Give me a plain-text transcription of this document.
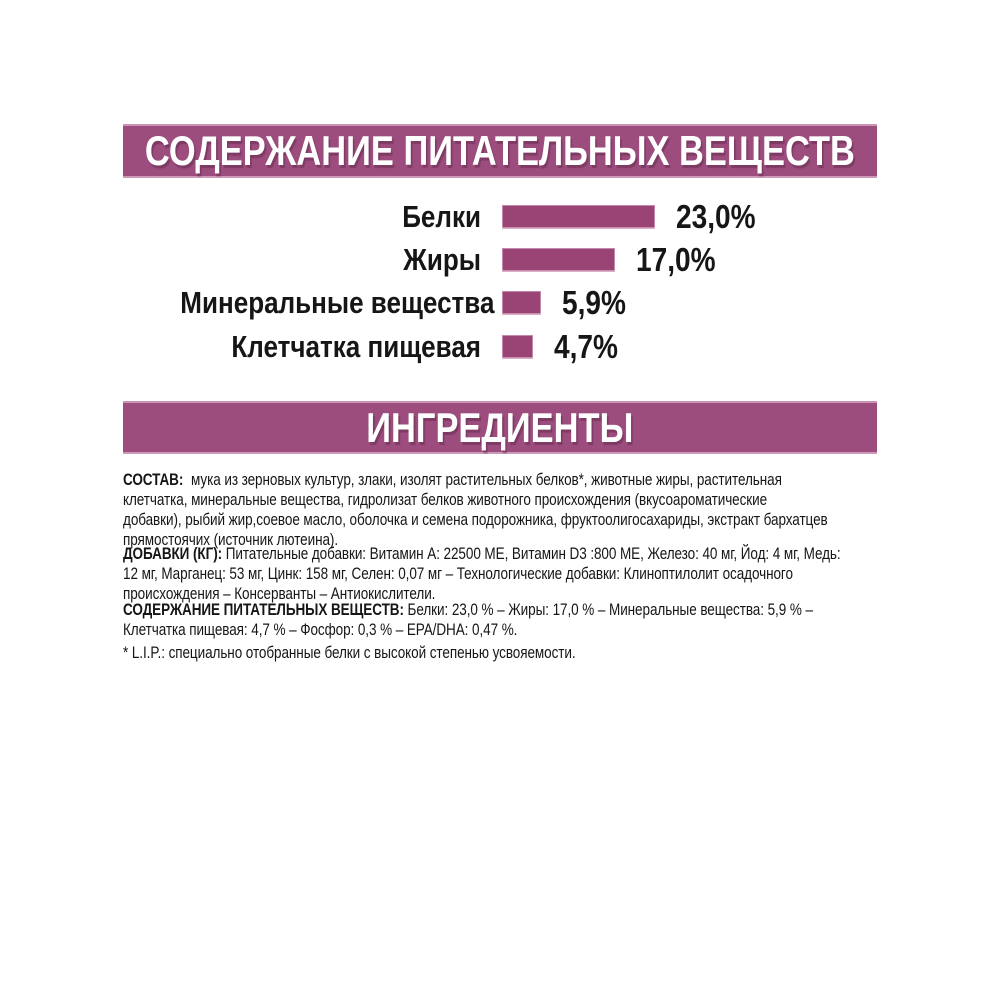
СОДЕРЖАНИЕ ПИТАТЕЛЬНЫХ ВЕЩЕСТВ
Белки	23,0%
Жиры	17,0%
Минеральные вещества 5,9%
Клетчатка пищевая 4,7%
ИНГРЕДИЕНТЫ
СОСТАВ: мука из зерновых культур, злаки, изолят растительных белков*, животные жиры, растительная
клетчатка, минеральные вещества, гидролизат белков животного происхождения (вкусоароматические
добавки), рыбий жир,соевое масло, оболочка и семена подорожника, фруктоолигосахариды, экстракт бархатцев
прямостоячих (источник лютеина).
ДОБАВКИ (КГ): Питательные добавки: Витамин A: 22500 МЕ, Витамин D3 :800 МЕ, Железо: 40 мг, Йод: 4 мг, Медь:
12 мг, Марганец: 53 мг, Цинк: 158 мг, Селен: 0,07 мг – Технологические добавки: Клиноптилолит осадочного
происхождения – Консерванты – Антиокислители.
СОДЕРЖАНИЕ ПИТАТЕЛЬНЫХ ВЕЩЕСТВ: Белки: 23,0 % – Жиры: 17,0 % – Минеральные вещества: 5,9 % –
Клетчатка пищевая: 4,7 % – Фосфор: 0,3 % – EPA/DHA: 0,47 %.
* L.I.P.: специально отобранные белки с высокой степенью усвояемости.
